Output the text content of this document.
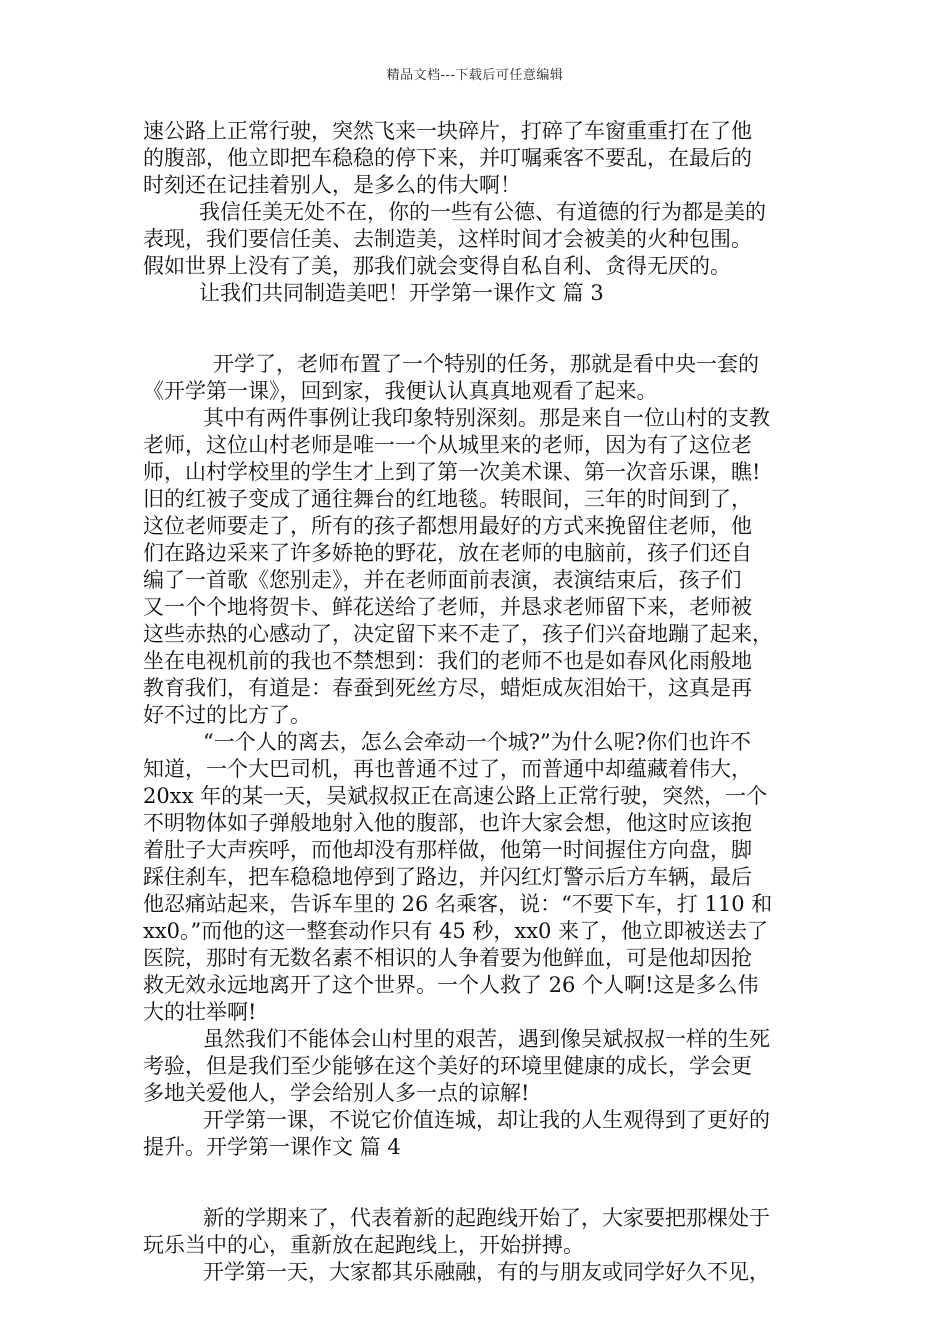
精品文档---下载后可任意编辑
速公路上正常行驶，突然飞来一块碎片，打碎了车窗重重打在了他
的腹部，他立即把车稳稳的停下来，并叮嘱乘客不要乱，在最后的
时刻还在记挂着别人，是多么的伟大啊！
我信任美无处不在，你的一些有公德、有道德的行为都是美的
表现，我们要信任美、去制造美，这样时间才会被美的火种包围。
假如世界上没有了美，那我们就会变得自私自利、贪得无厌的。
让我们共同制造美吧！开学第一课作文 篇 3
开学了，老师布置了一个特别的任务，那就是看中央一套的
《开学第一课》，回到家，我便认认真真地观看了起来。
其中有两件事例让我印象特别深刻。那是来自一位山村的支教
老师，这位山村老师是唯一一个从城里来的老师，因为有了这位老
师，山村学校里的学生才上到了第一次美术课、第一次音乐课，瞧!
旧的红被子变成了通往舞台的红地毯。转眼间，三年的时间到了，
这位老师要走了，所有的孩子都想用最好的方式来挽留住老师，他
们在路边采来了许多娇艳的野花，放在老师的电脑前，孩子们还自
编了一首歌《您别走》，并在老师面前表演，表演结束后，孩子们
又一个个地将贺卡、鲜花送给了老师，并恳求老师留下来，老师被
这些赤热的心感动了，决定留下来不走了，孩子们兴奋地蹦了起来，
坐在电视机前的我也不禁想到：我们的老师不也是如春风化雨般地
教育我们，有道是：春蚕到死丝方尽，蜡炬成灰泪始干，这真是再
好不过的比方了。
“一个人的离去，怎么会牵动一个城?”为什么呢?你们也许不
知道，一个大巴司机，再也普通不过了，而普通中却蕴藏着伟大，
20xx 年的某一天，吴斌叔叔正在高速公路上正常行驶，突然，一个
不明物体如子弹般地射入他的腹部，也许大家会想，他这时应该抱
着肚子大声疾呼，而他却没有那样做，他第一时间握住方向盘，脚
踩住刹车，把车稳稳地停到了路边，并闪红灯警示后方车辆，最后
他忍痛站起来，告诉车里的 26 名乘客，说：“不要下车，打 110 和
xx0。”而他的这一整套动作只有 45 秒，xx0 来了，他立即被送去了
医院，那时有无数名素不相识的人争着要为他鲜血，可是他却因抢
救无效永远地离开了这个世界。一个人救了 26 个人啊!这是多么伟
大的壮举啊!
虽然我们不能体会山村里的艰苦，遇到像吴斌叔叔一样的生死
考验，但是我们至少能够在这个美好的环境里健康的成长，学会更
多地关爱他人，学会给别人多一点的谅解!
开学第一课，不说它价值连城，却让我的人生观得到了更好的
提升。开学第一课作文 篇 4
新的学期来了，代表着新的起跑线开始了，大家要把那棵处于
玩乐当中的心，重新放在起跑线上，开始拼搏。
开学第一天，大家都其乐融融，有的与朋友或同学好久不见，
